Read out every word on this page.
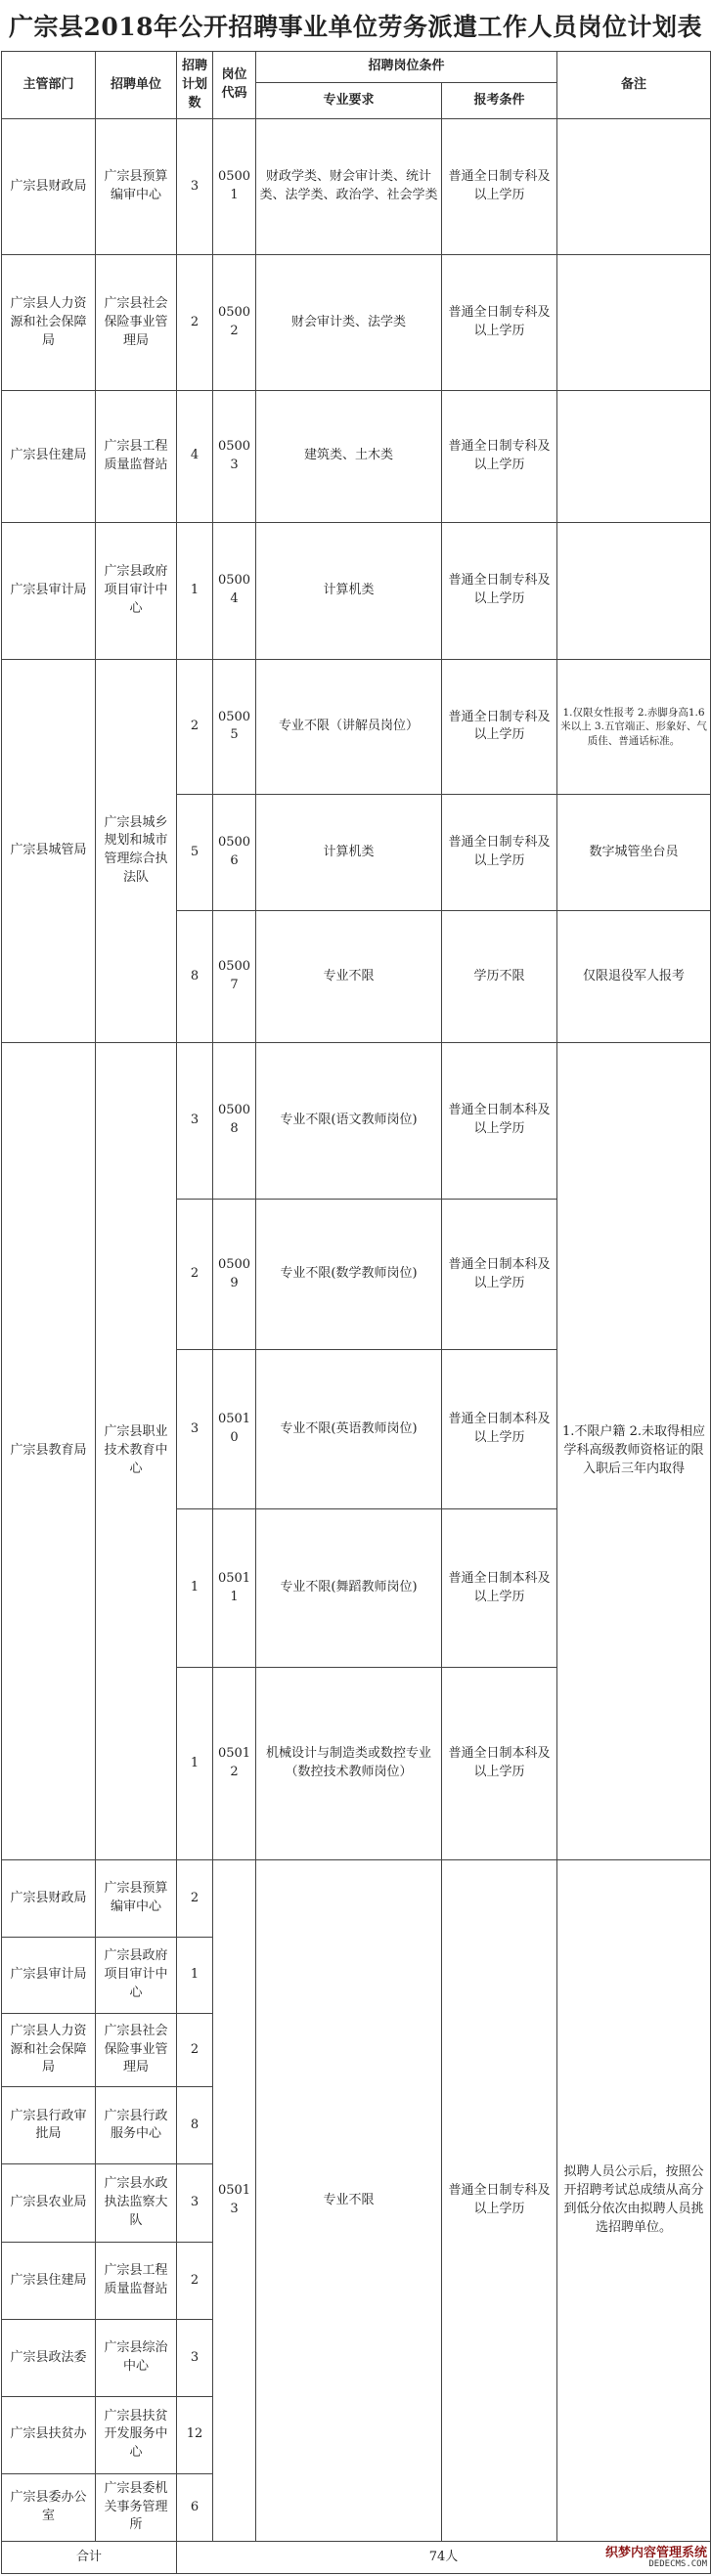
广宗县2018年公开招聘事业单位劳务派遣工作人员岗位计划表
主管部门	招聘单位	招聘计划数	岗位代码	招聘岗位条件		备注
				专业要求	报考条件	
广宗县财政局	广宗县预算编审中心	3	05001	财政学类、财会审计类、统计类、法学类、政治学、社会学类	普通全日制专科及以上学历	
广宗县人力资源和社会保障局	广宗县社会保险事业管理局	2	05002	财会审计类、法学类	普通全日制专科及以上学历	
广宗县住建局	广宗县工程质量监督站	4	05003	建筑类、土木类	普通全日制专科及以上学历	
广宗县审计局	广宗县政府项目审计中心	1	05004	计算机类	普通全日制专科及以上学历	
广宗县城管局	广宗县城乡规划和城市管理综合执法队	2	05005	专业不限（讲解员岗位）	普通全日制专科及以上学历	1.仅限女性报考 2.赤脚身高1.6米以上 3.五官端正、形象好、气质佳、普通话标准。
		5	05006	计算机类	普通全日制专科及以上学历	数字城管坐台员
		8	05007	专业不限	学历不限	仅限退役军人报考
广宗县教育局	广宗县职业技术教育中心	3	05008	专业不限(语文教师岗位)	普通全日制本科及以上学历	1.不限户籍 2.未取得相应学科高级教师资格证的限入职后三年内取得
		2	05009	专业不限(数学教师岗位)	普通全日制本科及以上学历	
		3	05010	专业不限(英语教师岗位)	普通全日制本科及以上学历	
		1	05011	专业不限(舞蹈教师岗位)	普通全日制本科及以上学历	
		1	05012	机械设计与制造类或数控专业（数控技术教师岗位）	普通全日制本科及以上学历	
广宗县财政局	广宗县预算编审中心	2	05013	专业不限	普通全日制专科及以上学历	拟聘人员公示后，按照公开招聘考试总成绩从高分到低分依次由拟聘人员挑选招聘单位。
广宗县审计局	广宗县政府项目审计中心	1				
广宗县人力资源和社会保障局	广宗县社会保险事业管理局	2				
广宗县行政审批局	广宗县行政服务中心	8				
广宗县农业局	广宗县水政执法监察大队	3				
广宗县住建局	广宗县工程质量监督站	2				
广宗县政法委	广宗县综治中心	3				
广宗县扶贫办	广宗县扶贫开发服务中心	12				
广宗县委办公室	广宗县委机关事务管理所	6				
合计		74人					织梦内容管理系统
DEDECMS.COM
